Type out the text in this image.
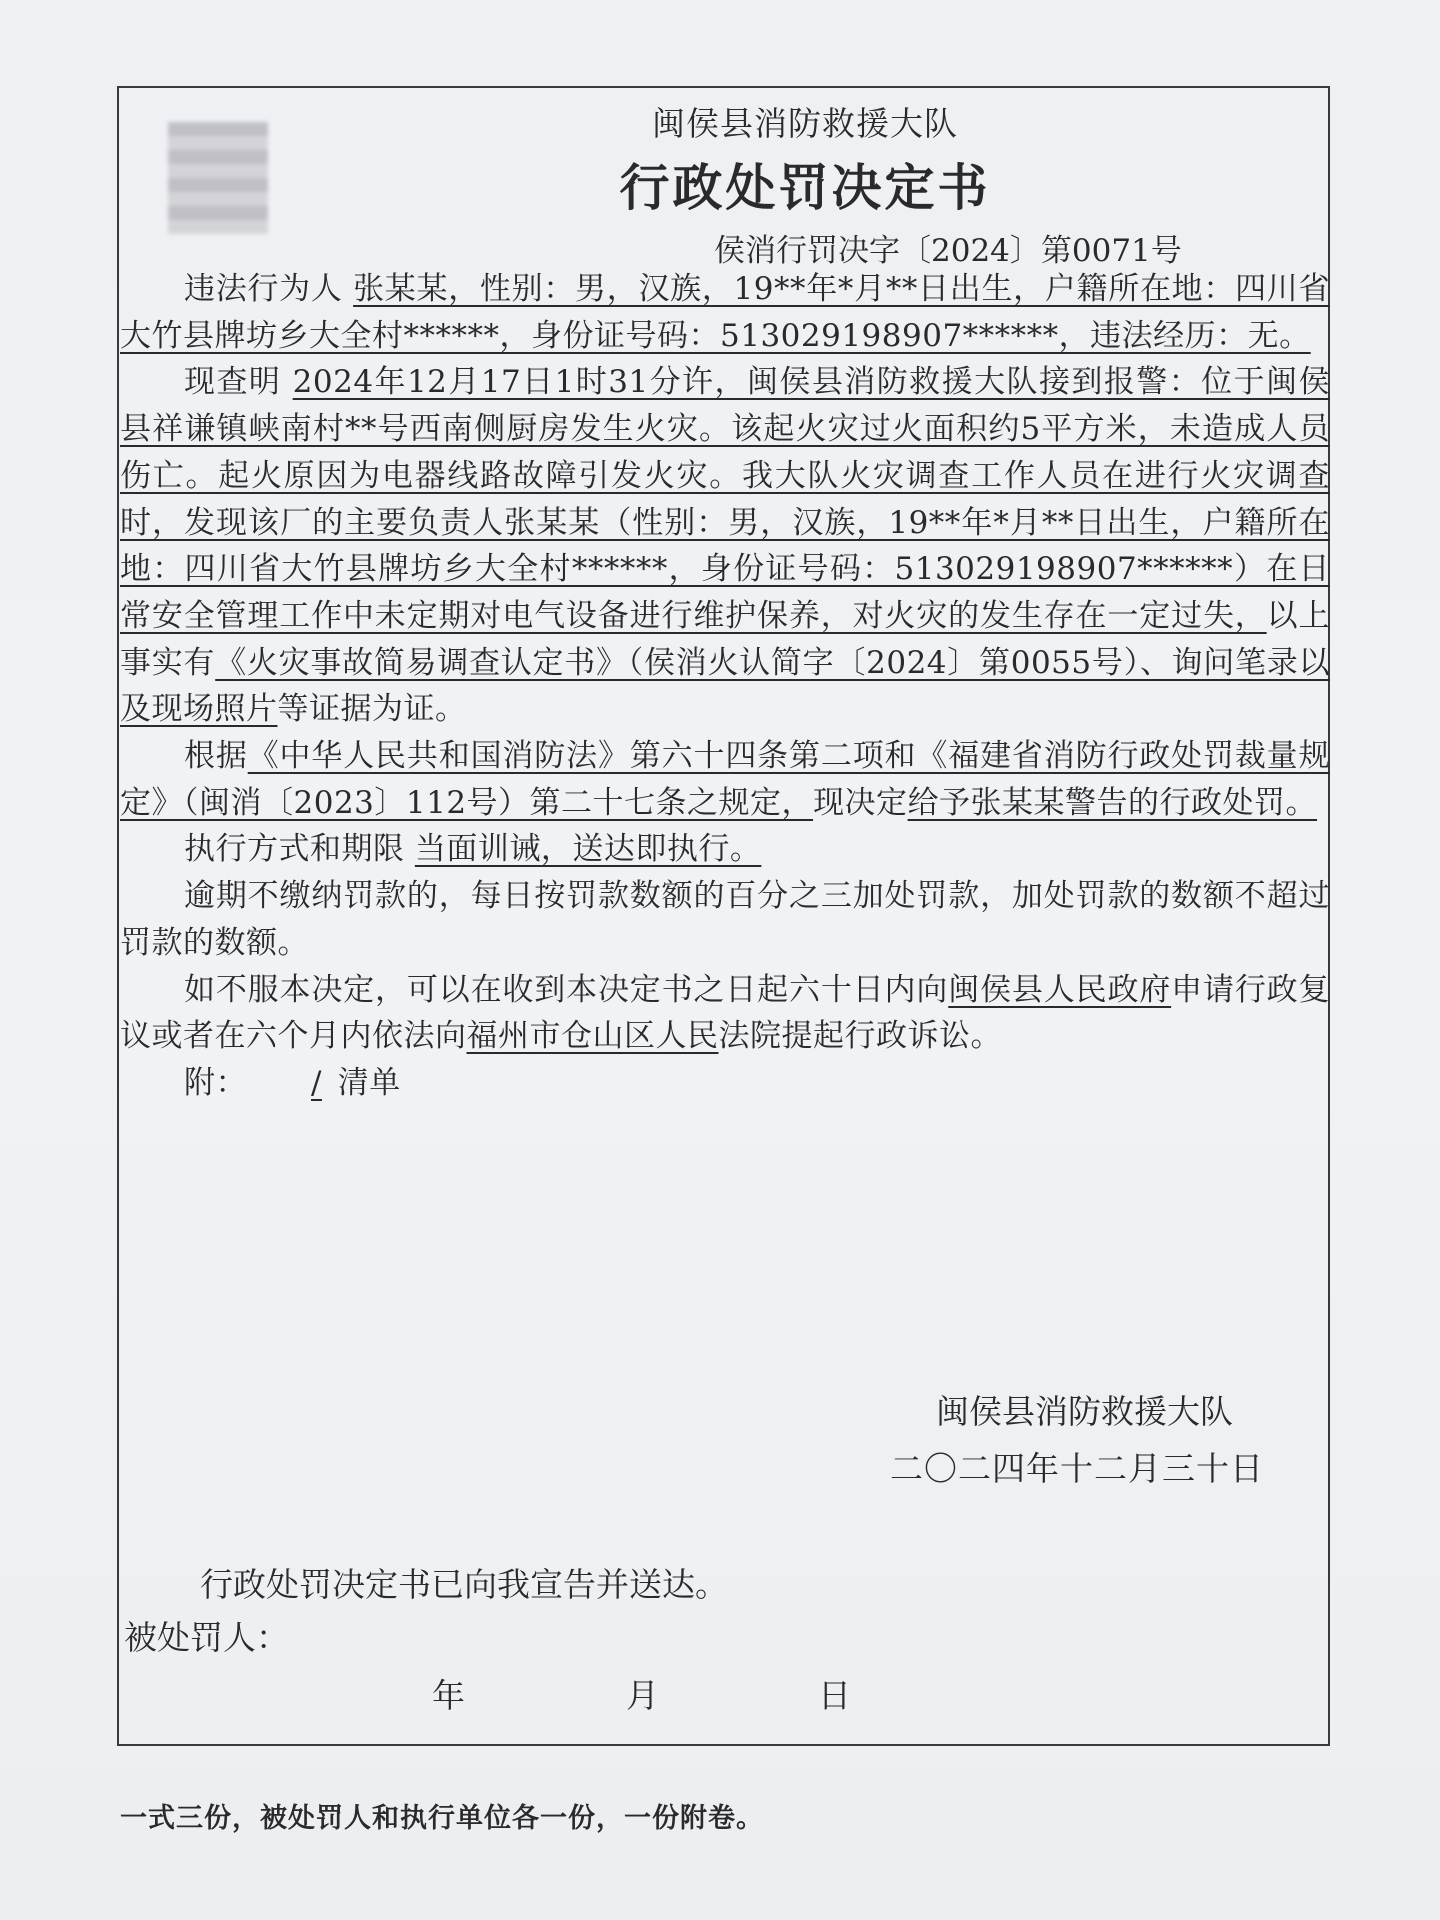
闽侯县消防救援大队
行政处罚决定书
侯消行罚决字〔2024〕第0071号

违法行为人 张某某，性别：男，汉族，19**年*月**日出生，户籍所在地：四川省大竹县牌坊乡大全村******，身份证号码：513029198907******，违法经历：无。

现查明 2024年12月17日1时31分许，闽侯县消防救援大队接到报警：位于闽侯县祥谦镇峡南村**号西南侧厨房发生火灾。该起火灾过火面积约5平方米，未造成人员伤亡。起火原因为电器线路故障引发火灾。我大队火灾调查工作人员在进行火灾调查时，发现该厂的主要负责人张某某（性别：男，汉族，19**年*月**日出生，户籍所在地：四川省大竹县牌坊乡大全村******，身份证号码：513029198907******）在日常安全管理工作中未定期对电气设备进行维护保养，对火灾的发生存在一定过失，以上事实有《火灾事故简易调查认定书》（侯消火认简字〔2024〕第0055号）、询问笔录以及现场照片等证据为证。

根据《中华人民共和国消防法》第六十四条第二项和《福建省消防行政处罚裁量规定》（闽消〔2023〕112号）第二十七条之规定，现决定给予张某某警告的行政处罚。

执行方式和期限 当面训诫，送达即执行。

逾期不缴纳罚款的，每日按罚款数额的百分之三加处罚款，加处罚款的数额不超过罚款的数额。

如不服本决定，可以在收到本决定书之日起六十日内向闽侯县人民政府申请行政复议或者在六个月内依法向福州市仓山区人民法院提起行政诉讼。

附： / 清单

闽侯县消防救援大队
二〇二四年十二月三十日
行政处罚决定书已向我宣告并送达。
被处罚人：
年	月	日
一式三份，被处罚人和执行单位各一份，一份附卷。
